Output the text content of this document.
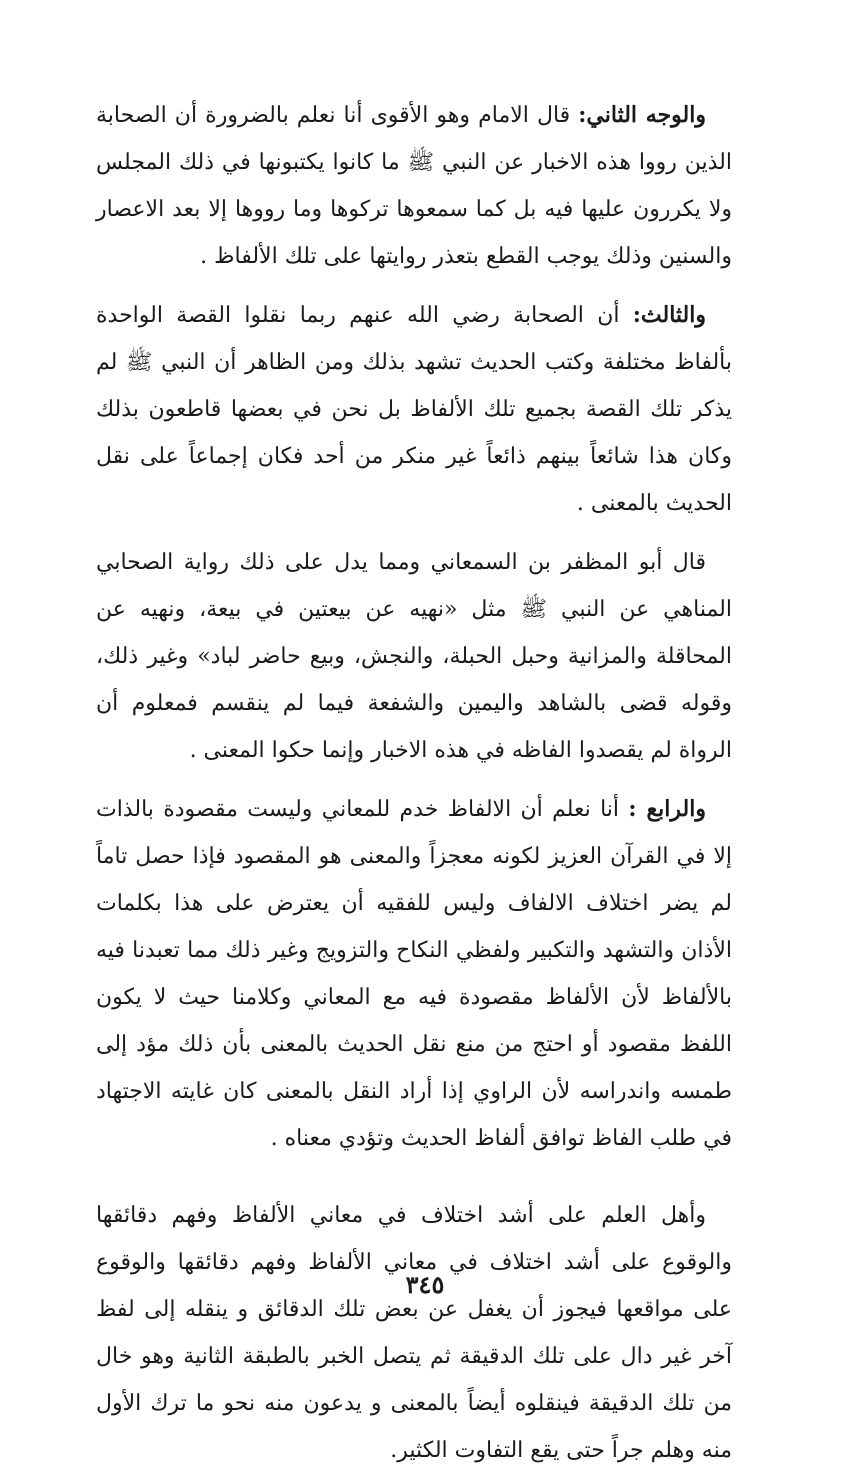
والوجه الثاني: قال الامام وهو الأقوى أنا نعلم بالضرورة أن الصحابة الذين رووا هذه الاخبار عن النبي ﷺ ما كانوا يكتبونها في ذلك المجلس ولا يكررون عليها فيه بل كما سمعوها تركوها وما رووها إلا بعد الاعصار والسنين وذلك يوجب القطع بتعذر روايتها على تلك الألفاظ .

والثالث: أن الصحابة رضي الله عنهم ربما نقلوا القصة الواحدة بألفاظ مختلفة وكتب الحديث تشهد بذلك ومن الظاهر أن النبي ﷺ لم يذكر تلك القصة بجميع تلك الألفاظ بل نحن في بعضها قاطعون بذلك وكان هذا شائعاً بينهم ذائعاً غير منكر من أحد فكان إجماعاً على نقل الحديث بالمعنى .

قال أبو المظفر بن السمعاني ومما يدل على ذلك رواية الصحابي المناهي عن النبي ﷺ مثل «نهيه عن بيعتين في بيعة، ونهيه عن المحاقلة والمزانية وحبل الحبلة، والنجش، وبيع حاضر لباد» وغير ذلك، وقوله قضى بالشاهد واليمين والشفعة فيما لم ينقسم فمعلوم أن الرواة لم يقصدوا الفاظه في هذه الاخبار وإنما حكوا المعنى .

والرابع : أنا نعلم أن الالفاظ خدم للمعاني وليست مقصودة بالذات إلا في القرآن العزيز لكونه معجزاً والمعنى هو المقصود فإذا حصل تاماً لم يضر اختلاف الالفاف وليس للفقيه أن يعترض على هذا بكلمات الأذان والتشهد والتكبير ولفظي النكاح والتزويج وغير ذلك مما تعبدنا فيه بالألفاظ لأن الألفاظ مقصودة فيه مع المعاني وكلامنا حيث لا يكون اللفظ مقصود أو احتج من منع نقل الحديث بالمعنى بأن ذلك مؤد إلى طمسه واندراسه لأن الراوي إذا أراد النقل بالمعنى كان غايته الاجتهاد في طلب الفاظ توافق ألفاظ الحديث وتؤدي معناه .

وأهل العلم على أشد اختلاف في معاني الألفاظ وفهم دقائقها والوقوع على أشد اختلاف في معاني الألفاظ وفهم دقائقها والوقوع على مواقعها فيجوز أن يغفل عن بعض تلك الدقائق و ينقله إلى لفظ آخر غير دال على تلك الدقيقة ثم يتصل الخبر بالطبقة الثانية وهو خال من تلك الدقيقة فينقلوه أيضاً بالمعنى و يدعون منه نحو ما ترك الأول منه وهلم جراً حتى يقع التفاوت الكثير.

٣٤٥
